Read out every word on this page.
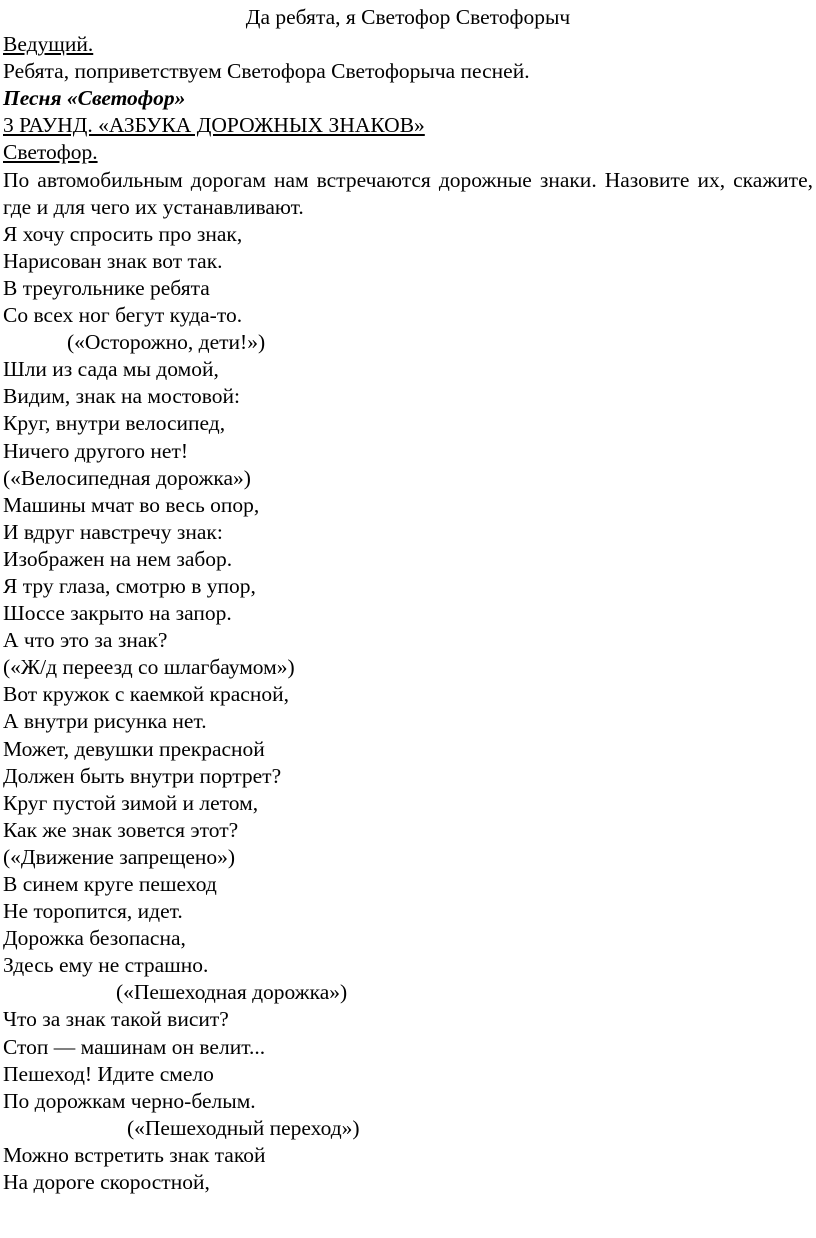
Да ребята, я Светофор Светофорыч
Ведущий.
Ребята, поприветствуем Светофора Светофорыча песней.
Песня «Светофор»
3 РАУНД. «АЗБУКА ДОРОЖНЫХ ЗНАКОВ»
Светофор.
По автомобильным дорогам нам встречаются дорожные знаки. Назовите их, скажите, где и для чего их устанавливают.
Я хочу спросить про знак,
Нарисован знак вот так.
В треугольнике ребята
Со всех ног бегут куда-то.
(«Осторожно, дети!»)
Шли из сада мы домой,
Видим, знак на мостовой:
Круг, внутри велосипед,
Ничего другого нет!
(«Велосипедная дорожка»)
Машины мчат во весь опор,
И вдруг навстречу знак:
Изображен на нем забор.
Я тру глаза, смотрю в упор,
Шоссе закрыто на запор.
А что это за знак?
(«Ж/д переезд со шлагбаумом»)
Вот кружок с каемкой красной,
А внутри рисунка нет.
Может, девушки прекрасной
Должен быть внутри портрет?
Круг пустой зимой и летом,
Как же знак зовется этот?
(«Движение запрещено»)
В синем круге пешеход
Не торопится, идет.
Дорожка безопасна,
Здесь ему не страшно.
(«Пешеходная дорожка»)
Что за знак такой висит?
Стоп — машинам он велит...
Пешеход! Идите смело
По дорожкам черно-белым.
(«Пешеходный переход»)
Можно встретить знак такой
На дороге скоростной,
